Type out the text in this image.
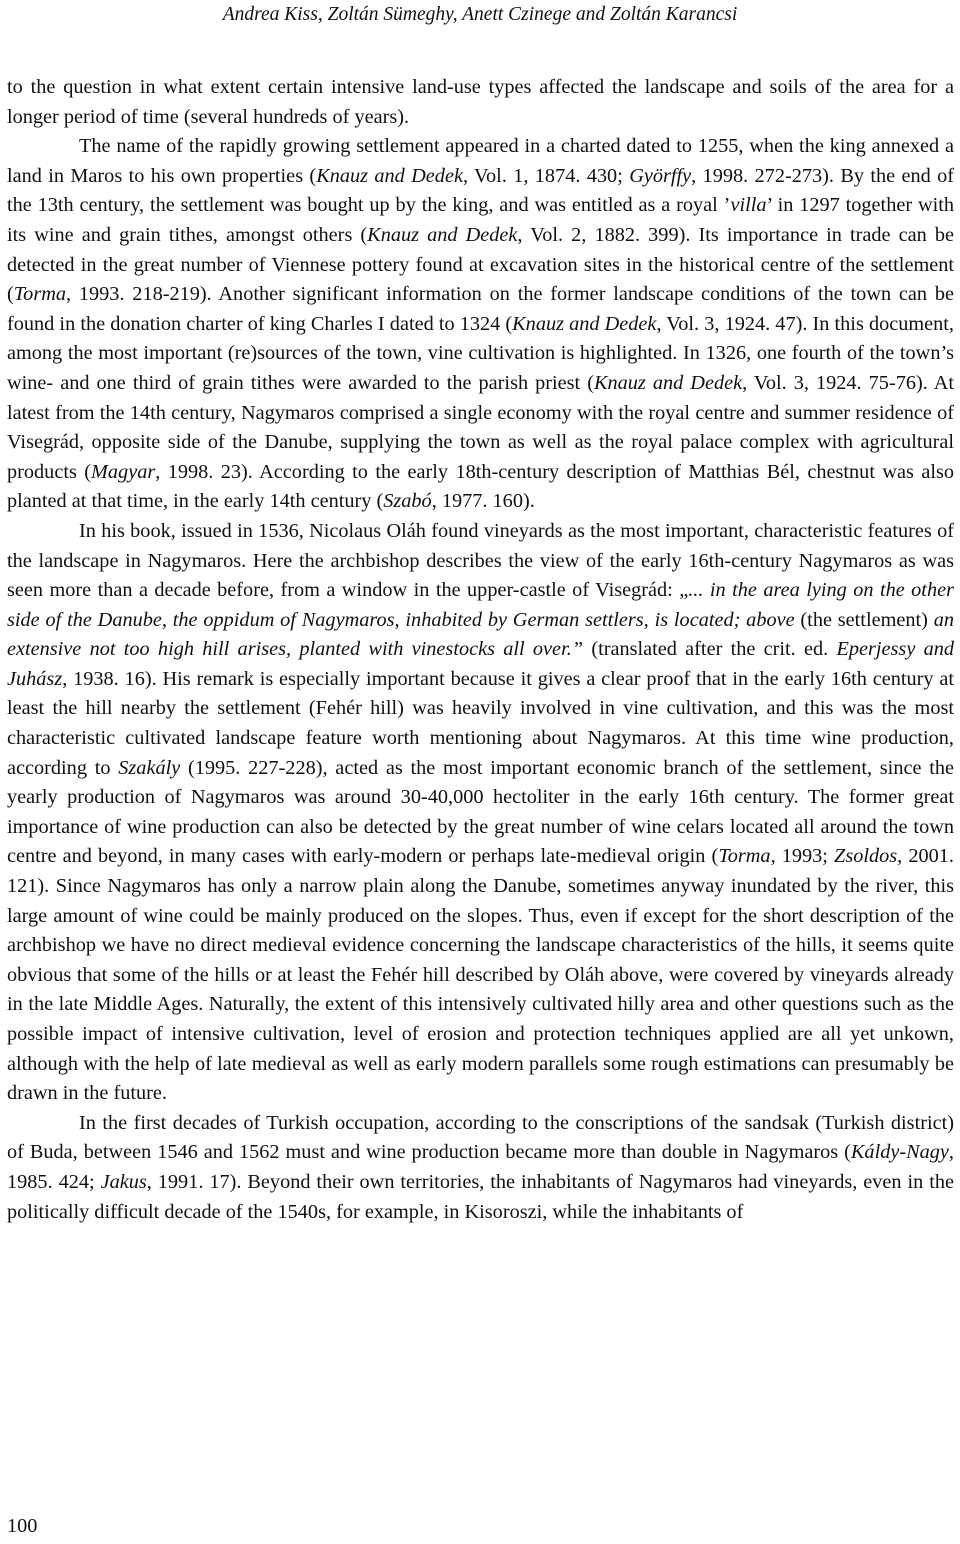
Andrea Kiss, Zoltán Sümeghy, Anett Czinege and Zoltán Karancsi

to the question in what extent certain intensive land-use types affected the landscape and soils of the area for a longer period of time (several hundreds of years).

The name of the rapidly growing settlement appeared in a charted dated to 1255, when the king annexed a land in Maros to his own properties (Knauz and Dedek, Vol. 1, 1874. 430; Györffy, 1998. 272-273). By the end of the 13th century, the settlement was bought up by the king, and was entitled as a royal ’villa’ in 1297 together with its wine and grain tithes, amongst others (Knauz and Dedek, Vol. 2, 1882. 399). Its importance in trade can be detected in the great number of Viennese pottery found at excavation sites in the historical centre of the settlement (Torma, 1993. 218-219). Another significant information on the former landscape conditions of the town can be found in the donation charter of king Charles I dated to 1324 (Knauz and Dedek, Vol. 3, 1924. 47). In this document, among the most important (re)sources of the town, vine cultivation is highlighted. In 1326, one fourth of the town’s wine- and one third of grain tithes were awarded to the parish priest (Knauz and Dedek, Vol. 3, 1924. 75-76). At latest from the 14th century, Nagymaros comprised a single economy with the royal centre and summer residence of Visegrád, opposite side of the Danube, supplying the town as well as the royal palace complex with agricultural products (Magyar, 1998. 23). According to the early 18th-century description of Matthias Bél, chestnut was also planted at that time, in the early 14th century (Szabó, 1977. 160).

In his book, issued in 1536, Nicolaus Oláh found vineyards as the most important, characteristic features of the landscape in Nagymaros. Here the archbishop describes the view of the early 16th-century Nagymaros as was seen more than a decade before, from a window in the upper-castle of Visegrád: „... in the area lying on the other side of the Danube, the oppidum of Nagymaros, inhabited by German settlers, is located; above (the settlement) an extensive not too high hill arises, planted with vinestocks all over.” (translated after the crit. ed. Eperjessy and Juhász, 1938. 16). His remark is especially important because it gives a clear proof that in the early 16th century at least the hill nearby the settlement (Fehér hill) was heavily involved in vine cultivation, and this was the most characteristic cultivated landscape feature worth mentioning about Nagymaros. At this time wine production, according to Szakály (1995. 227-228), acted as the most important economic branch of the settlement, since the yearly production of Nagymaros was around 30-40,000 hectoliter in the early 16th century. The former great importance of wine production can also be detected by the great number of wine celars located all around the town centre and beyond, in many cases with early-modern or perhaps late-medieval origin (Torma, 1993; Zsoldos, 2001. 121). Since Nagymaros has only a narrow plain along the Danube, sometimes anyway inundated by the river, this large amount of wine could be mainly produced on the slopes. Thus, even if except for the short description of the archbishop we have no direct medieval evidence concerning the landscape characteristics of the hills, it seems quite obvious that some of the hills or at least the Fehér hill described by Oláh above, were covered by vineyards already in the late Middle Ages. Naturally, the extent of this intensively cultivated hilly area and other questions such as the possible impact of intensive cultivation, level of erosion and protection techniques applied are all yet unkown, although with the help of late medieval as well as early modern parallels some rough estimations can presumably be drawn in the future.

In the first decades of Turkish occupation, according to the conscriptions of the sandsak (Turkish district) of Buda, between 1546 and 1562 must and wine production became more than double in Nagymaros (Káldy-Nagy, 1985. 424; Jakus, 1991. 17). Beyond their own territories, the inhabitants of Nagymaros had vineyards, even in the politically difficult decade of the 1540s, for example, in Kisoroszi, while the inhabitants of

100
